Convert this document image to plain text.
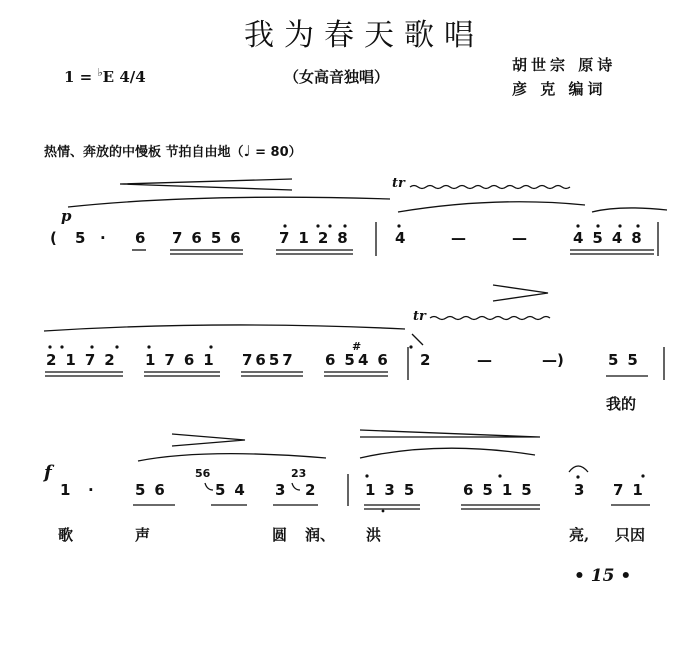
我为春天歌唱
1 = ♭E 4/4	（女高音独唱）
胡世宗 原诗
彦 克 编词
热情、奔放的中慢板 节拍自由地（♩ = 80）
p
tr
tr
f
( 5 · 6 7656 7128	4	—	—	4548
2172 1761 7657 65
#
46 2	—	—)	55
我的
1 ·	56
56
54 3
23
2	135	6515 3 71
歌	声	圆 润、 洪	亮, 只因
• 15 •
